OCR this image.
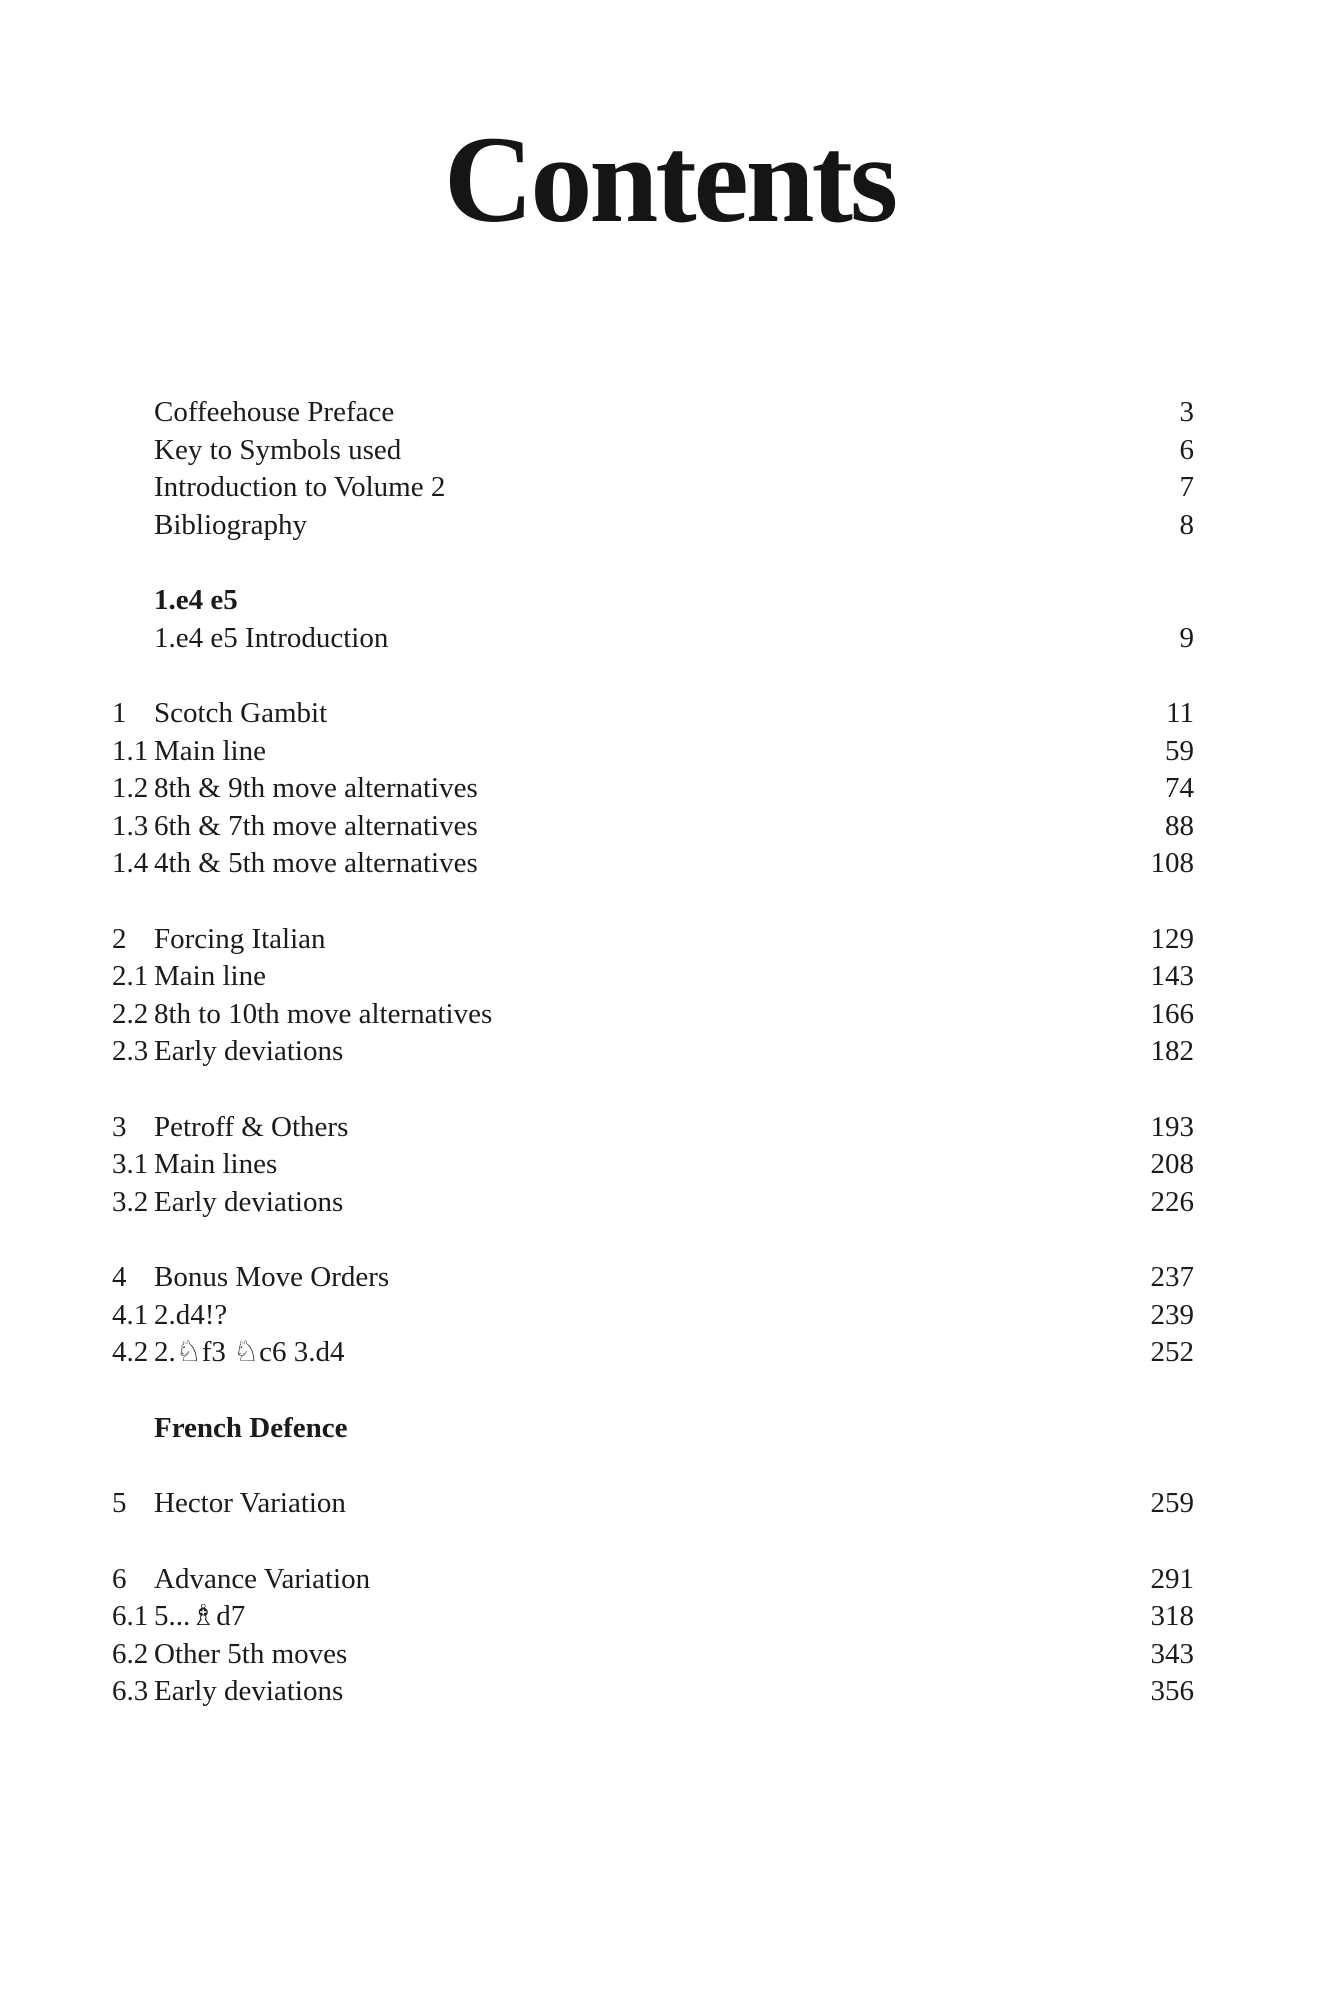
Contents
Coffeehouse Preface	3
Key to Symbols used	6
Introduction to Volume 2	7
Bibliography	8
1.e4 e5
1.e4 e5 Introduction	9
1 Scotch Gambit	11
1.1 Main line	59
1.2 8th & 9th move alternatives	74
1.3 6th & 7th move alternatives	88
1.4 4th & 5th move alternatives	108
2 Forcing Italian	129
2.1 Main line	143
2.2 8th to 10th move alternatives	166
2.3 Early deviations	182
3 Petroff & Others	193
3.1 Main lines	208
3.2 Early deviations	226
4 Bonus Move Orders	237
4.1 2.d4!?	239
4.2 2.♘f3 ♘c6 3.d4	252
French Defence
5 Hector Variation	259
6 Advance Variation	291
6.1 5...♗d7	318
6.2 Other 5th moves	343
6.3 Early deviations	356
